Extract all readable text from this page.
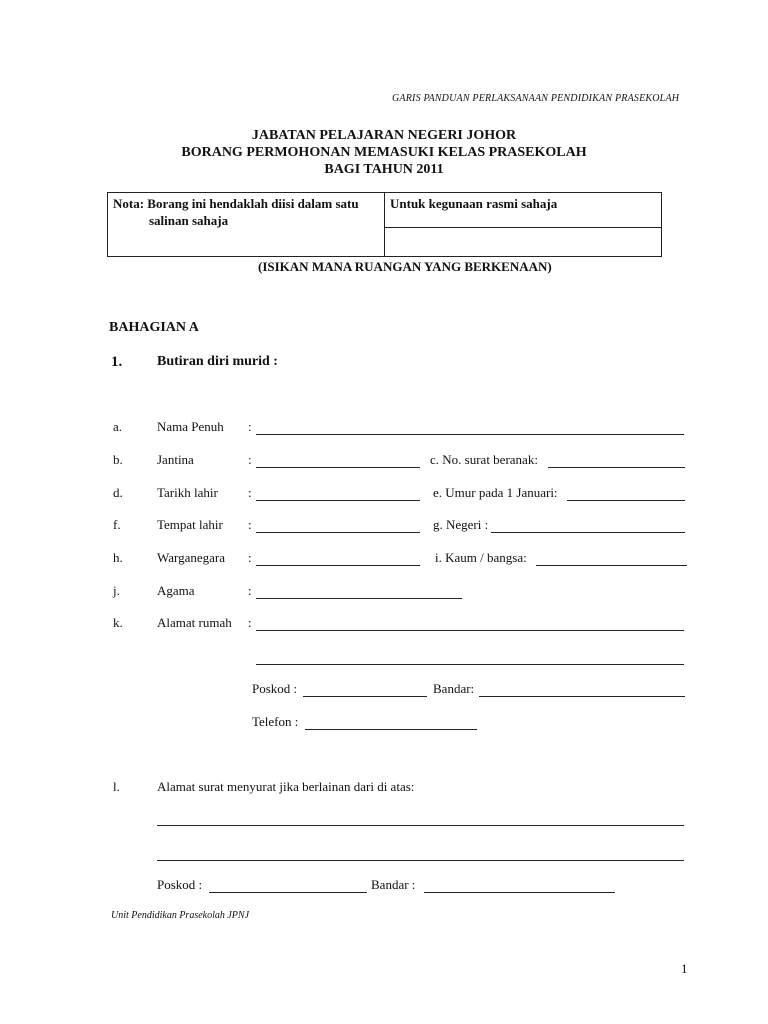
GARIS PANDUAN PERLAKSANAAN PENDIDIKAN PRASEKOLAH
JABATAN PELAJARAN NEGERI JOHOR
BORANG PERMOHONAN MEMASUKI KELAS PRASEKOLAH
BAGI TAHUN 2011
Nota: Borang ini hendaklah diisi dalam satu
salinan sahaja
Untuk kegunaan rasmi sahaja
(ISIKAN MANA RUANGAN YANG BERKENAAN)
BAHAGIAN A
1. Butiran diri murid :
a.	Nama Penuh :
b.	Jantina	:	c. No. surat beranak:
d.	Tarikh lahir :	e. Umur pada 1 Januari:
f.	Tempat lahir :	g. Negeri :
h.	Warganegara :	i. Kaum / bangsa:
j.	Agama	:
k.	Alamat rumah :
Poskod :	Bandar:
Telefon :
l.	Alamat surat menyurat jika berlainan dari di atas:
Poskod :	Bandar :
Unit Pendidikan Prasekolah JPNJ
1
